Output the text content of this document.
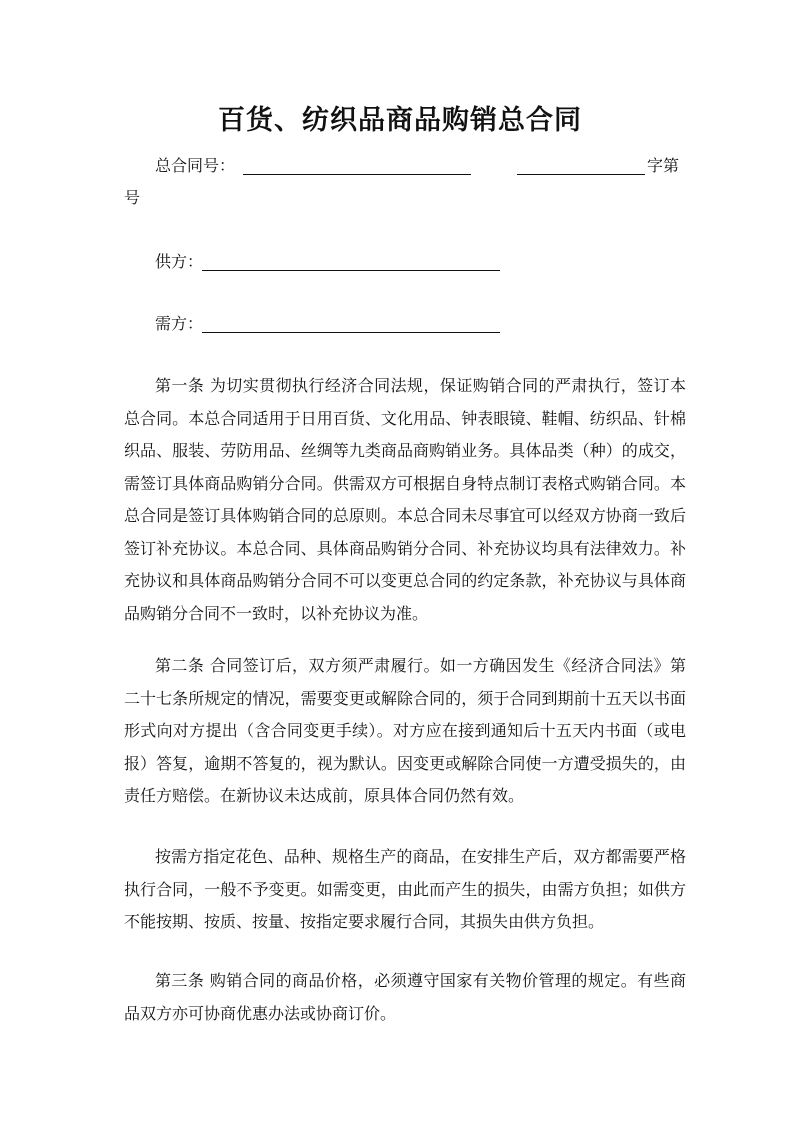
百货、纺织品商品购销总合同
总合同号：	字第
号
供方：
需方：

第一条 为切实贯彻执行经济合同法规，保证购销合同的严肃执行，签订本总合同。本总合同适用于日用百货、文化用品、钟表眼镜、鞋帽、纺织品、针棉织品、服装、劳防用品、丝绸等九类商品商购销业务。具体品类（种）的成交，需签订具体商品购销分合同。供需双方可根据自身特点制订表格式购销合同。本总合同是签订具体购销合同的总原则。本总合同未尽事宜可以经双方协商一致后签订补充协议。本总合同、具体商品购销分合同、补充协议均具有法律效力。补充协议和具体商品购销分合同不可以变更总合同的约定条款，补充协议与具体商品购销分合同不一致时，以补充协议为准。

第二条 合同签订后，双方须严肃履行。如一方确因发生《经济合同法》第二十七条所规定的情况，需要变更或解除合同的，须于合同到期前十五天以书面形式向对方提出（含合同变更手续）。对方应在接到通知后十五天内书面（或电报）答复，逾期不答复的，视为默认。因变更或解除合同使一方遭受损失的，由责任方赔偿。在新协议未达成前，原具体合同仍然有效。

按需方指定花色、品种、规格生产的商品，在安排生产后，双方都需要严格执行合同，一般不予变更。如需变更，由此而产生的损失，由需方负担；如供方不能按期、按质、按量、按指定要求履行合同，其损失由供方负担。

第三条 购销合同的商品价格，必须遵守国家有关物价管理的规定。有些商品双方亦可协商优惠办法或协商订价。
